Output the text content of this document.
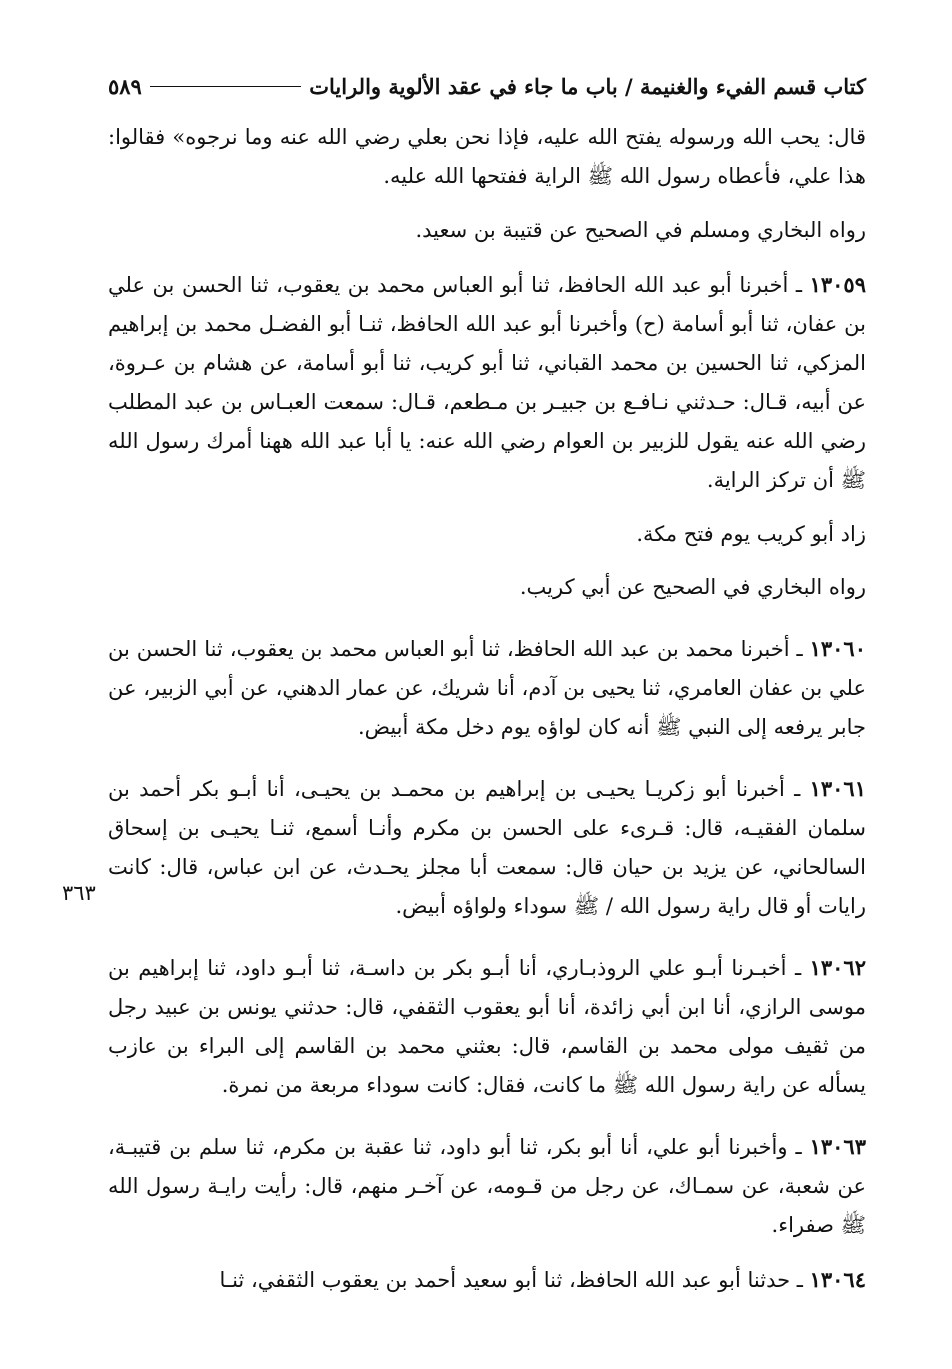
كتاب قسم الفيء والغنيمة / باب ما جاء في عقد الألوية والرايات
٥٨٩
٣٦٣

قال: يحب الله ورسوله يفتح الله عليه، فإذا نحن بعلي رضي الله عنه وما نرجوه» فقالوا: هذا علي، فأعطاه رسول الله ﷺ الراية ففتحها الله عليه.

رواه البخاري ومسلم في الصحيح عن قتيبة بن سعيد.

١٣٠٥٩ ـ أخبرنا أبو عبد الله الحافظ، ثنا أبو العباس محمد بن يعقوب، ثنا الحسن بن علي بن عفان، ثنا أبو أسامة (ح) وأخبرنا أبو عبد الله الحافظ، ثنـا أبو الفضـل محمد بن إبراهيم المزكي، ثنا الحسين بن محمد القباني، ثنا أبو كريب، ثنا أبو أسامة، عن هشام بن عـروة، عن أبيه، قـال: حـدثني نـافـع بن جبيـر بن مـطعم، قـال: سمعت العبـاس بن عبد المطلب رضي الله عنه يقول للزبير بن العوام رضي الله عنه: يا أبا عبد الله ههنا أمرك رسول الله ﷺ أن تركز الراية.

زاد أبو كريب يوم فتح مكة.

رواه البخاري في الصحيح عن أبي كريب.

١٣٠٦٠ ـ أخبرنا محمد بن عبد الله الحافظ، ثنا أبو العباس محمد بن يعقوب، ثنا الحسن بن علي بن عفان العامري، ثنا يحيى بن آدم، أنا شريك، عن عمار الدهني، عن أبي الزبير، عن جابر يرفعه إلى النبي ﷺ أنه كان لواؤه يوم دخل مكة أبيض.

١٣٠٦١ ـ أخبرنا أبو زكريـا يحيـى بن إبراهيم بن محمـد بن يحيـى، أنا أبـو بكر أحمد بن سلمان الفقيـه، قال: قـرىء على الحسن بن مكرم وأنـا أسمع، ثنـا يحيـى بن إسحاق السالحاني، عن يزيد بن حيان قال: سمعت أبا مجلز يحـدث، عن ابن عباس، قال: كانت رايات أو قال راية رسول الله / ﷺ سوداء ولواؤه أبيض.

١٣٠٦٢ ـ أخبـرنا أبـو علي الروذبـاري، أنا أبـو بكر بن داسـة، ثنا أبـو داود، ثنا إبراهيم بن موسى الرازي، أنا ابن أبي زائدة، أنا أبو يعقوب الثقفي، قال: حدثني يونس بن عبيد رجل من ثقيف مولى محمد بن القاسم، قال: بعثني محمد بن القاسم إلى البراء بن عازب يسأله عن راية رسول الله ﷺ ما كانت، فقال: كانت سوداء مربعة من نمرة.

١٣٠٦٣ ـ وأخبرنا أبو علي، أنا أبو بكر، ثنا أبو داود، ثنا عقبة بن مكرم، ثنا سلم بن قتيبـة، عن شعبة، عن سمـاك، عن رجل من قـومه، عن آخـر منهم، قال: رأيت رايـة رسول الله ﷺ صفراء.

١٣٠٦٤ ـ حدثنا أبو عبد الله الحافظ، ثنا أبو سعيد أحمد بن يعقوب الثقفي، ثنـا
